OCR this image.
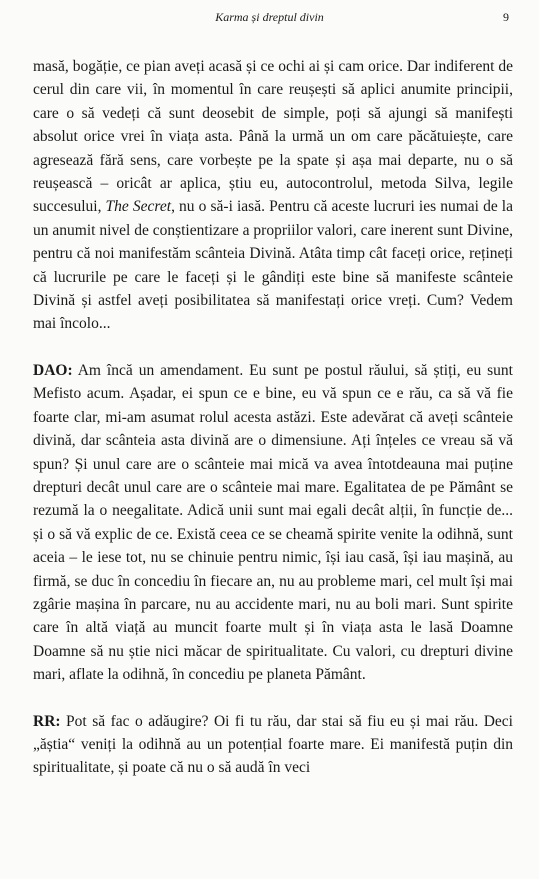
Karma și dreptul divin	9

masă, bogăție, ce pian aveți acasă și ce ochi ai și cam orice. Dar indiferent de cerul din care vii, în momentul în care reușești să aplici anumite principii, care o să vedeți că sunt deosebit de simple, poți să ajungi să manifești absolut orice vrei în viața asta. Până la urmă un om care păcătuiește, care agresează fără sens, care vorbește pe la spate și așa mai departe, nu o să reușească – oricât ar aplica, știu eu, autocontrolul, metoda Silva, legile succesului, The Secret, nu o să-i iasă. Pentru că aceste lucruri ies numai de la un anumit nivel de conștientizare a propriilor valori, care inerent sunt Divine, pentru că noi manifestăm scânteia Divină. Atâta timp cât faceți orice, rețineți că lucrurile pe care le faceți și le gândiți este bine să manifeste scânteie Divină și astfel aveți posibilitatea să manifestați orice vreți. Cum? Vedem mai încolo...

DAO: Am încă un amendament. Eu sunt pe postul răului, să știți, eu sunt Mefisto acum. Așadar, ei spun ce e bine, eu vă spun ce e rău, ca să vă fie foarte clar, mi-am asumat rolul acesta astăzi. Este adevărat că aveți scânteie divină, dar scânteia asta divină are o dimensiune. Ați înțeles ce vreau să vă spun? Și unul care are o scânteie mai mică va avea întotdeauna mai puține drepturi decât unul care are o scânteie mai mare. Egalitatea de pe Pământ se rezumă la o neegalitate. Adică unii sunt mai egali decât alții, în funcție de... și o să vă explic de ce. Există ceea ce se cheamă spirite venite la odihnă, sunt aceia – le iese tot, nu se chinuie pentru nimic, își iau casă, își iau mașină, au firmă, se duc în concediu în fiecare an, nu au probleme mari, cel mult își mai zgârie mașina în parcare, nu au accidente mari, nu au boli mari. Sunt spirite care în altă viață au muncit foarte mult și în viața asta le lasă Doamne Doamne să nu știe nici măcar de spiritualitate. Cu valori, cu drepturi divine mari, aflate la odihnă, în concediu pe planeta Pământ.

RR: Pot să fac o adăugire? Oi fi tu rău, dar stai să fiu eu și mai rău. Deci „ăștia“ veniți la odihnă au un potențial foarte mare. Ei manifestă puțin din spiritualitate, și poate că nu o să audă în veci
